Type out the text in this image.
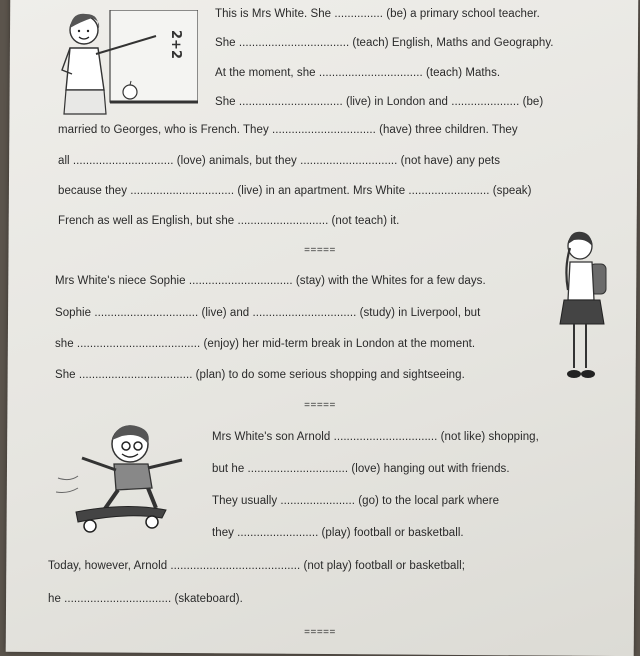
2+2
This is Mrs White. She ............... (be) a primary school teacher.
She .................................. (teach) English, Maths and Geography.
At the moment, she ................................ (teach) Maths.
She ................................ (live) in London and ..................... (be)
married to Georges, who is French. They ................................ (have) three children. They
all ............................... (love) animals, but they .............................. (not have) any pets
because they ................................ (live) in an apartment. Mrs White ......................... (speak)
French as well as English, but she ............................ (not teach) it.
=====
Mrs White's niece Sophie ................................ (stay) with the Whites for a few days.
Sophie ................................ (live) and ................................ (study) in Liverpool, but
she ...................................... (enjoy) her mid-term break in London at the moment.
She ................................... (plan) to do some serious shopping and sightseeing.
=====
Mrs White's son Arnold ................................ (not like) shopping,
but he ............................... (love) hanging out with friends.
They usually ....................... (go) to the local park where
they ......................... (play) football or basketball.
Today, however, Arnold ........................................ (not play) football or basketball;
he ................................. (skateboard).
=====
